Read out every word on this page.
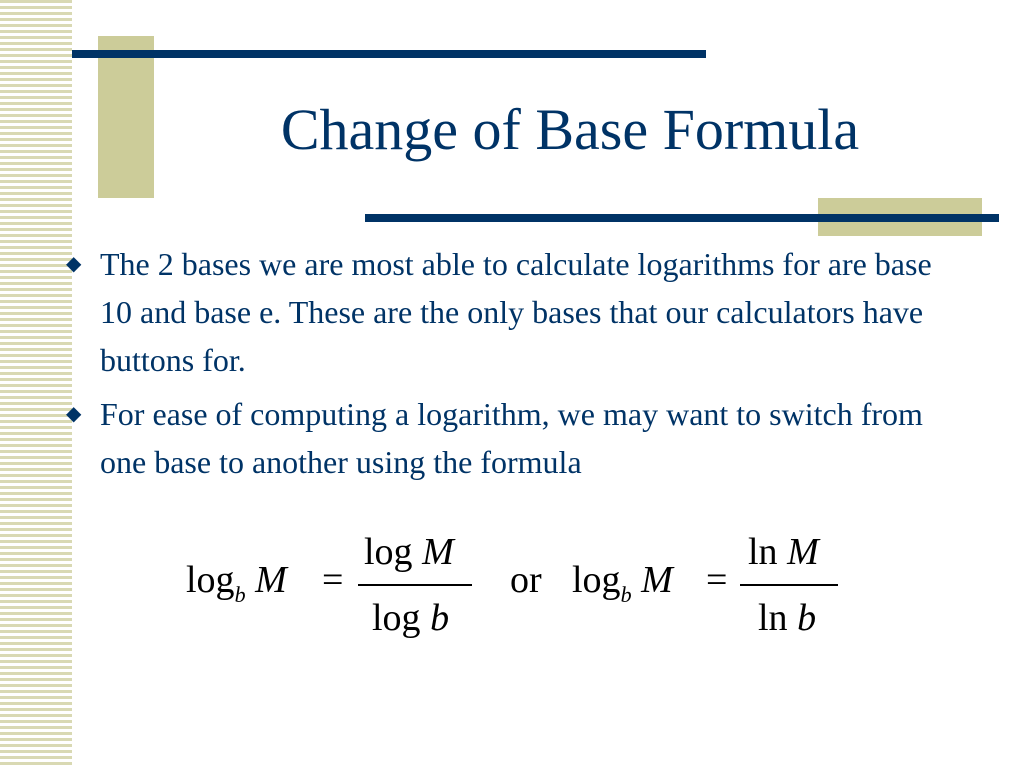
Change of Base Formula
◆ The 2 bases we are most able to calculate logarithms for are base 10 and base e. These are the only bases that our calculators have buttons for.
◆ For ease of computing a logarithm, we may want to switch from one base to another using the formula
$\log_b M$ =
log M
log b
or $\log_b M$ =
ln M
ln b
